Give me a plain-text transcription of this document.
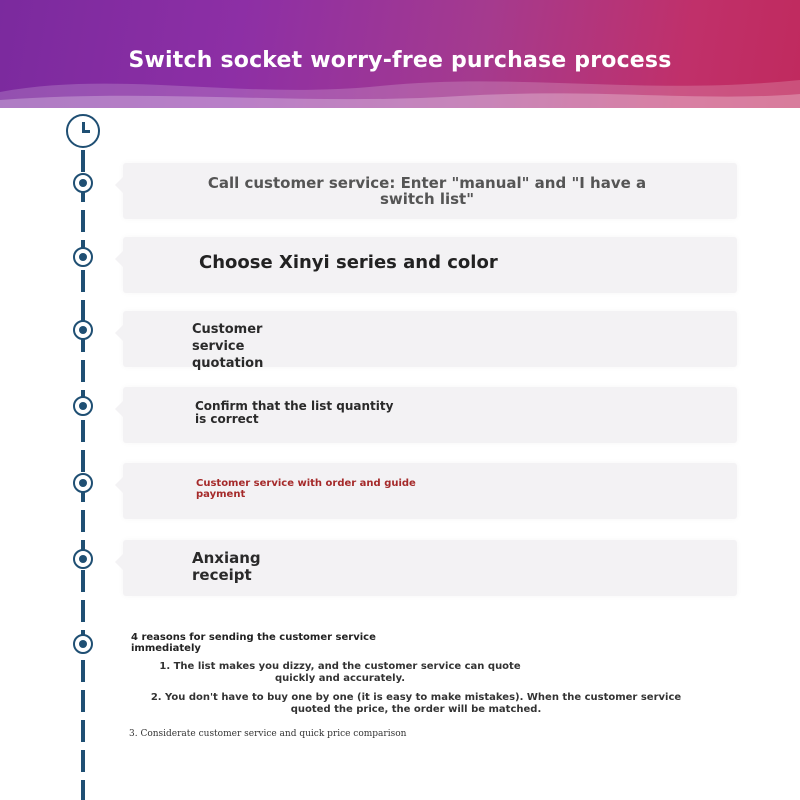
Switch socket worry-free purchase process
Call customer service: Enter "manual" and "I have a switch list"
Choose Xinyi series and color
Customer service quotation
Confirm that the list quantity is correct
Customer service with order and guide payment
Anxiang receipt
4 reasons for sending the customer service immediately
1. The list makes you dizzy, and the customer service can quote quickly and accurately.
2. You don't have to buy one by one (it is easy to make mistakes). When the customer service quoted the price, the order will be matched.
3. Considerate customer service and quick price comparison
